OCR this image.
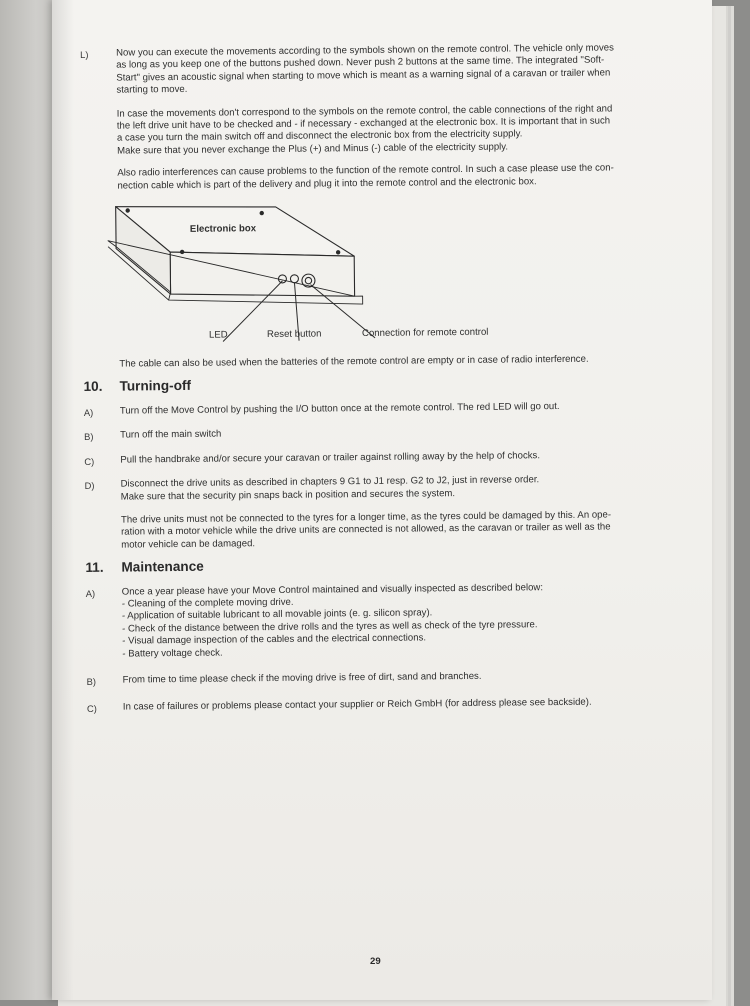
L)	Now you can execute the movements according to the symbols shown on the remote control. The vehicle only moves
as long as you keep one of the buttons pushed down. Never push 2 buttons at the same time. The integrated "Soft-
Start" gives an acoustic signal when starting to move which is meant as a warning signal of a caravan or trailer when
starting to move.
In case the movements don't correspond to the symbols on the remote control, the cable connections of the right and
the left drive unit have to be checked and - if necessary - exchanged at the electronic box. It is important that in such
a case you turn the main switch off and disconnect the electronic box from the electricity supply.
Make sure that you never exchange the Plus (+) and Minus (-) cable of the electricity supply.
Also radio interferences can cause problems to the function of the remote control. In such a case please use the con-
nection cable which is part of the delivery and plug it into the remote control and the electronic box.
Electronic box
LED	Reset button	Connection for remote control
The cable can also be used when the batteries of the remote control are empty or in case of radio interference.
10.	Turning-off
A)	Turn off the Move Control by pushing the I/O button once at the remote control. The red LED will go out.
B)	Turn off the main switch
C)	Pull the handbrake and/or secure your caravan or trailer against rolling away by the help of chocks.
D)	Disconnect the drive units as described in chapters 9 G1 to J1 resp. G2 to J2, just in reverse order.
Make sure that the security pin snaps back in position and secures the system.
The drive units must not be connected to the tyres for a longer time, as the tyres could be damaged by this. An ope-
ration with a motor vehicle while the drive units are connected is not allowed, as the caravan or trailer as well as the
motor vehicle can be damaged.
11.	Maintenance
A)	Once a year please have your Move Control maintained and visually inspected as described below:
- Cleaning of the complete moving drive.
- Application of suitable lubricant to all movable joints (e. g. silicon spray).
- Check of the distance between the drive rolls and the tyres as well as check of the tyre pressure.
- Visual damage inspection of the cables and the electrical connections.
- Battery voltage check.
B)	From time to time please check if the moving drive is free of dirt, sand and branches.
C)	In case of failures or problems please contact your supplier or Reich GmbH (for address please see backside).
29
